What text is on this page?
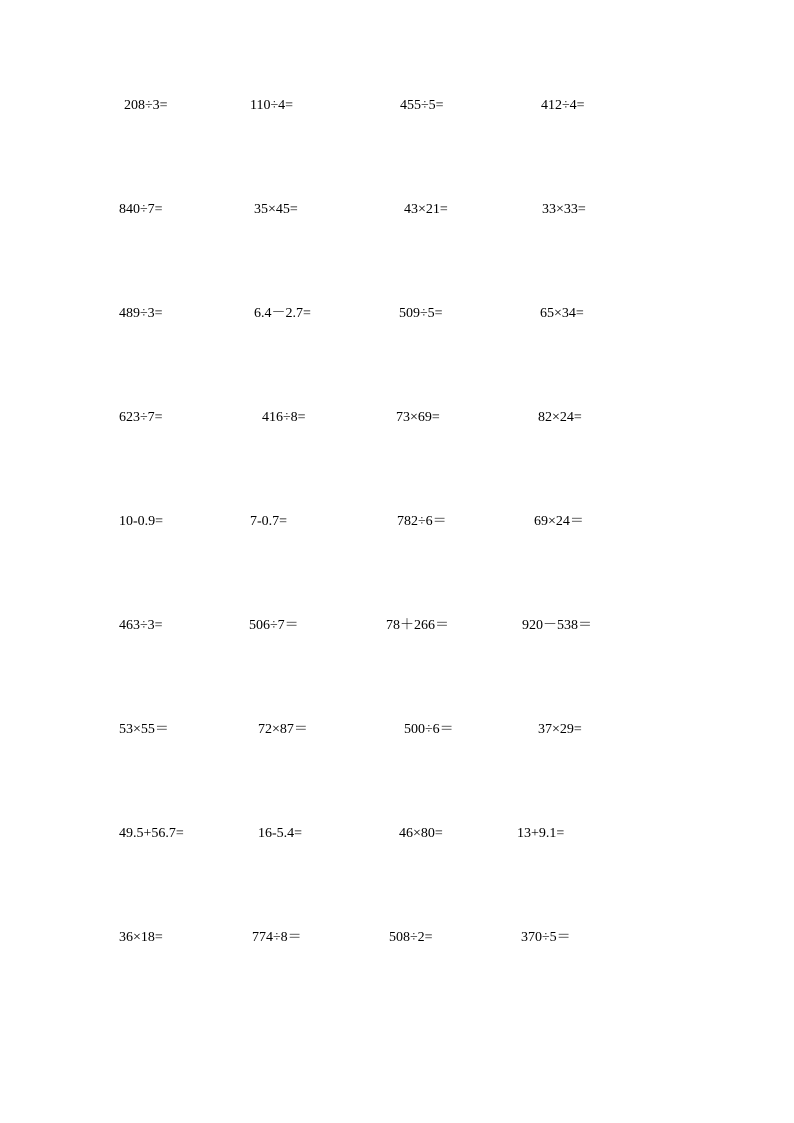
208÷3=	110÷4=	455÷5=	412÷4=
840÷7=	35×45=	43×21=	33×33=
489÷3=	6.4－2.7=	509÷5=	65×34=
623÷7=	416÷8=	73×69=	82×24=
10-0.9=	7-0.7=	782÷6＝	69×24＝
463÷3=	506÷7＝	78＋266＝	920－538＝
53×55＝	72×87＝	500÷6＝	37×29=
49.5+56.7=	16-5.4=	46×80=	13+9.1=
36×18=	774÷8＝	508÷2=	370÷5＝
